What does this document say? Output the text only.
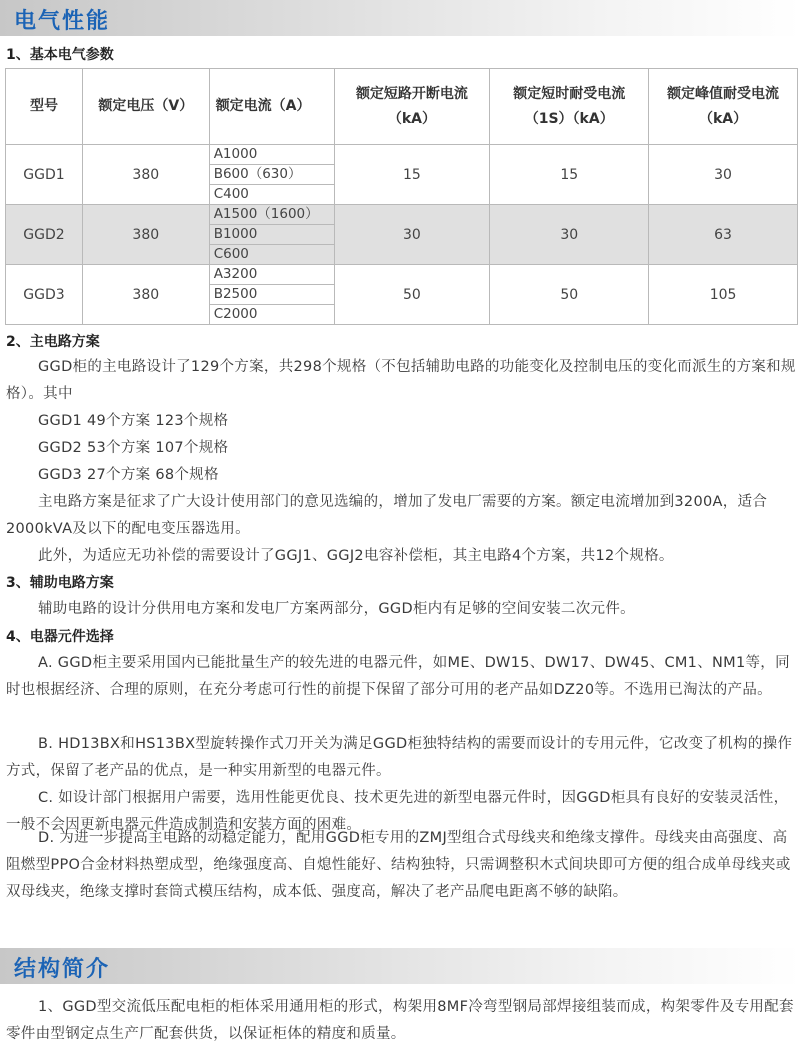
电气性能
1、基本电气参数
型号	额定电压（V）	额定电流（A）	额定短路开断电流（kA）	额定短时耐受电流（1S）（kA）	额定峰值耐受电流（kA）
GGD1	380	A1000
B600（630）
C400	15	15	30
GGD2	380	A1500（1600）
B1000
C600	30	30	63
GGD3	380	A3200
B2500
C2000	50	50	105
2、主电路方案

GGD柜的主电路设计了129个方案，共298个规格（不包括辅助电路的功能变化及控制电压的变化而派生的方案和规格）。其中

GGD1 49个方案 123个规格

GGD2 53个方案 107个规格

GGD3 27个方案 68个规格

主电路方案是征求了广大设计使用部门的意见选编的，增加了发电厂需要的方案。额定电流增加到3200A，适合2000kVA及以下的配电变压器选用。

此外，为适应无功补偿的需要设计了GGJ1、GGJ2电容补偿柜，其主电路4个方案，共12个规格。

3、辅助电路方案

辅助电路的设计分供用电方案和发电厂方案两部分，GGD柜内有足够的空间安装二次元件。

4、电器元件选择

A. GGD柜主要采用国内已能批量生产的较先进的电器元件，如ME、DW15、DW17、DW45、CM1、NM1等，同时也根据经济、合理的原则，在充分考虑可行性的前提下保留了部分可用的老产品如DZ20等。不选用已淘汰的产品。

B. HD13BX和HS13BX型旋转操作式刀开关为满足GGD柜独特结构的需要而设计的专用元件，它改变了机构的操作方式，保留了老产品的优点，是一种实用新型的电器元件。

C. 如设计部门根据用户需要，选用性能更优良、技术更先进的新型电器元件时，因GGD柜具有良好的安装灵活性，一般不会因更新电器元件造成制造和安装方面的困难。

D. 为进一步提高主电路的动稳定能力，配用GGD柜专用的ZMJ型组合式母线夹和绝缘支撑件。母线夹由高强度、高阻燃型PPO合金材料热塑成型，绝缘强度高、自熄性能好、结构独特，只需调整积木式间块即可方便的组合成单母线夹或双母线夹，绝缘支撑时套筒式模压结构，成本低、强度高，解决了老产品爬电距离不够的缺陷。

结构简介

1、GGD型交流低压配电柜的柜体采用通用柜的形式，构架用8MF冷弯型钢局部焊接组装而成，构架零件及专用配套零件由型钢定点生产厂配套供货，以保证柜体的精度和质量。
